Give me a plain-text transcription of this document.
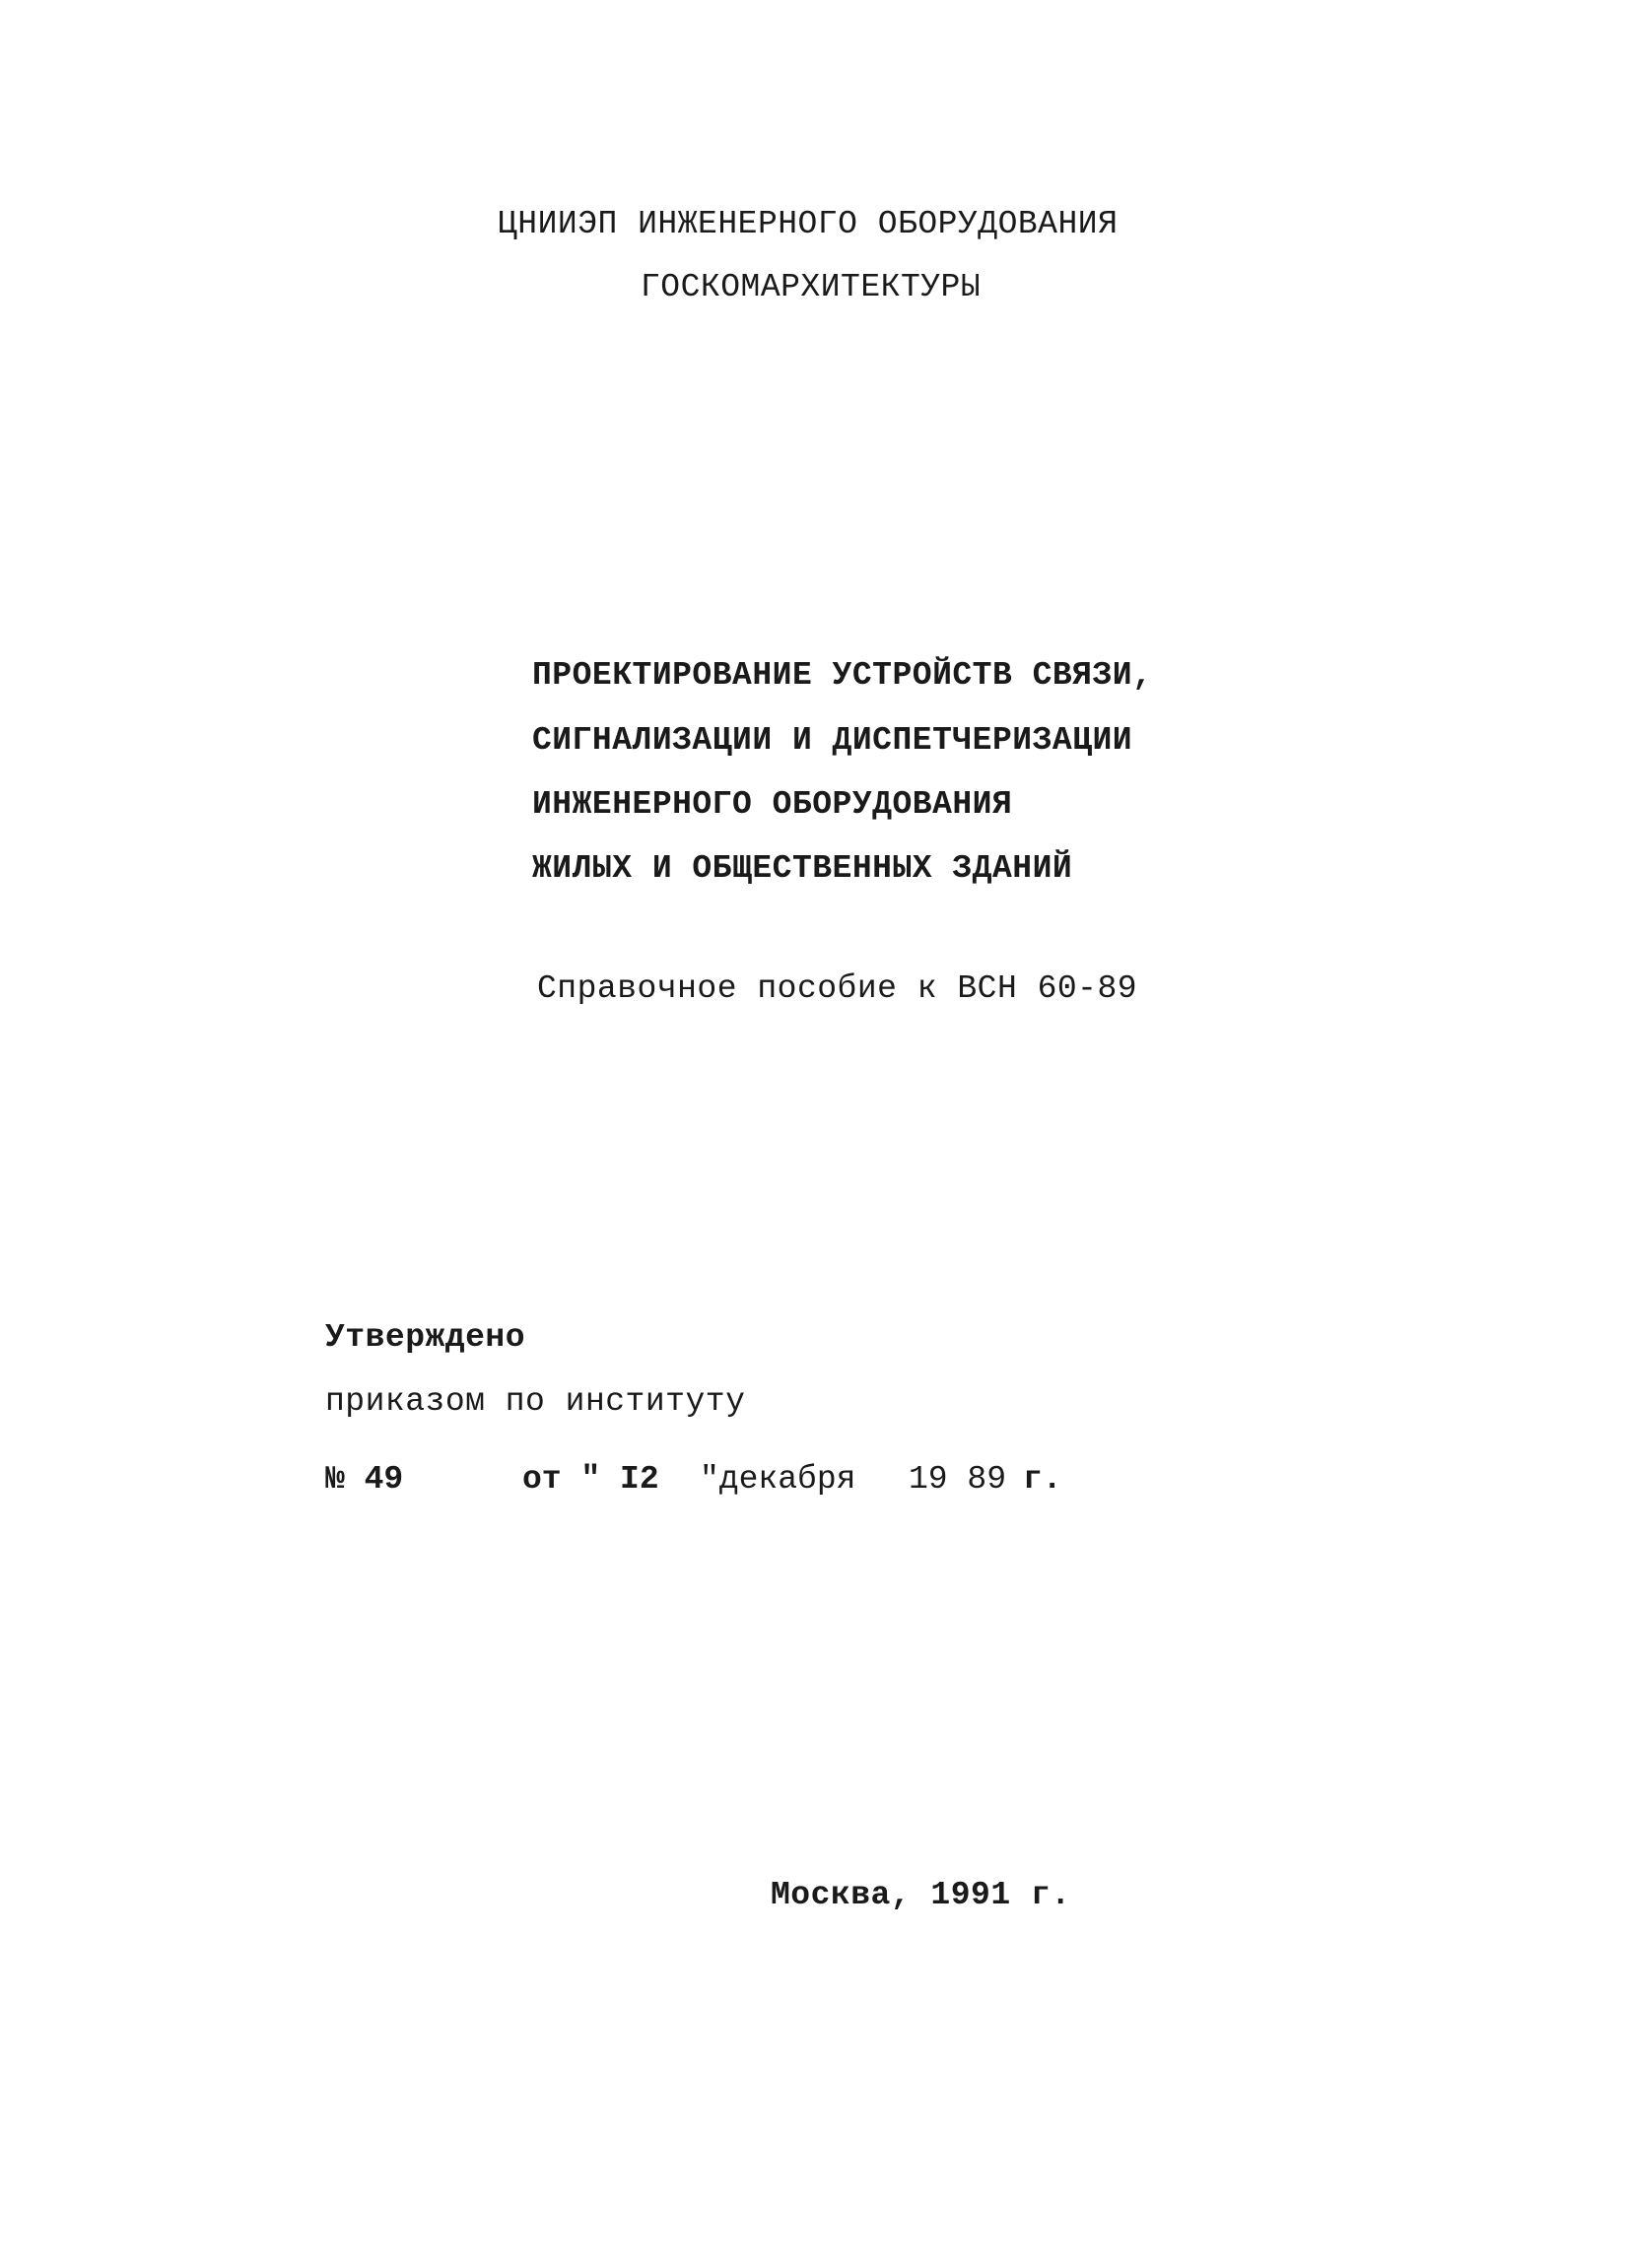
ЦНИИЭП ИНЖЕНЕРНОГО ОБОРУДОВАНИЯ
ГОСКОМАРХИТЕКТУРЫ
ПРОЕКТИРОВАНИЕ УСТРОЙСТВ СВЯЗИ,
СИГНАЛИЗАЦИИ И ДИСПЕТЧЕРИЗАЦИИ
ИНЖЕНЕРНОГО ОБОРУДОВАНИЯ
ЖИЛЫХ И ОБЩЕСТВЕННЫХ ЗДАНИЙ
Справочное пособие к ВСН 60-89
Утверждено
приказом по институту

№ 49

	от " I2

"декабря

19 89

г.

Москва, 1991 г.
